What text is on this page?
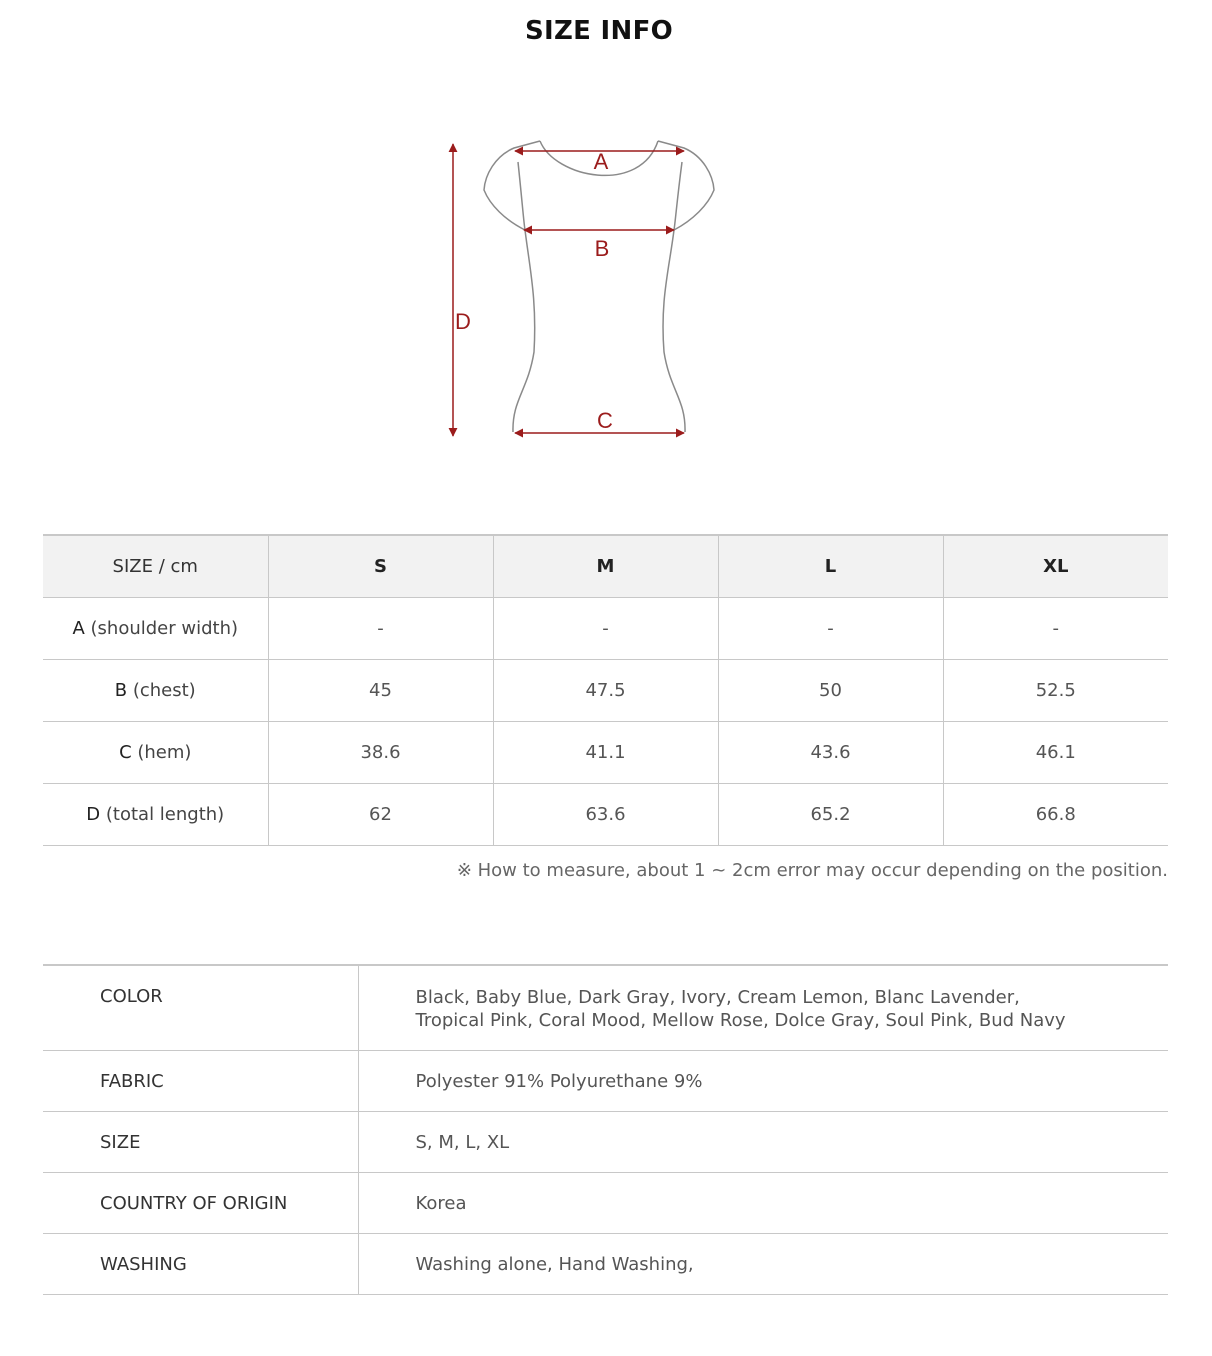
SIZE INFO
A
B
C
D
SIZE / cm	S	M	L	XL
A (shoulder width)	-	-	-	-
B (chest)	45	47.5	50	52.5
C (hem)	38.6	41.1	43.6	46.1
D (total length)	62	63.6	65.2	66.8
※ How to measure, about 1 ~ 2cm error may occur depending on the position.
COLOR	Black, Baby Blue, Dark Gray, Ivory, Cream Lemon, Blanc Lavender,
Tropical Pink, Coral Mood, Mellow Rose, Dolce Gray, Soul Pink, Bud Navy

FABRIC	Polyester 91% Polyurethane 9%
SIZE	S, M, L, XL
COUNTRY OF ORIGIN	Korea
WASHING	Washing alone, Hand Washing,
